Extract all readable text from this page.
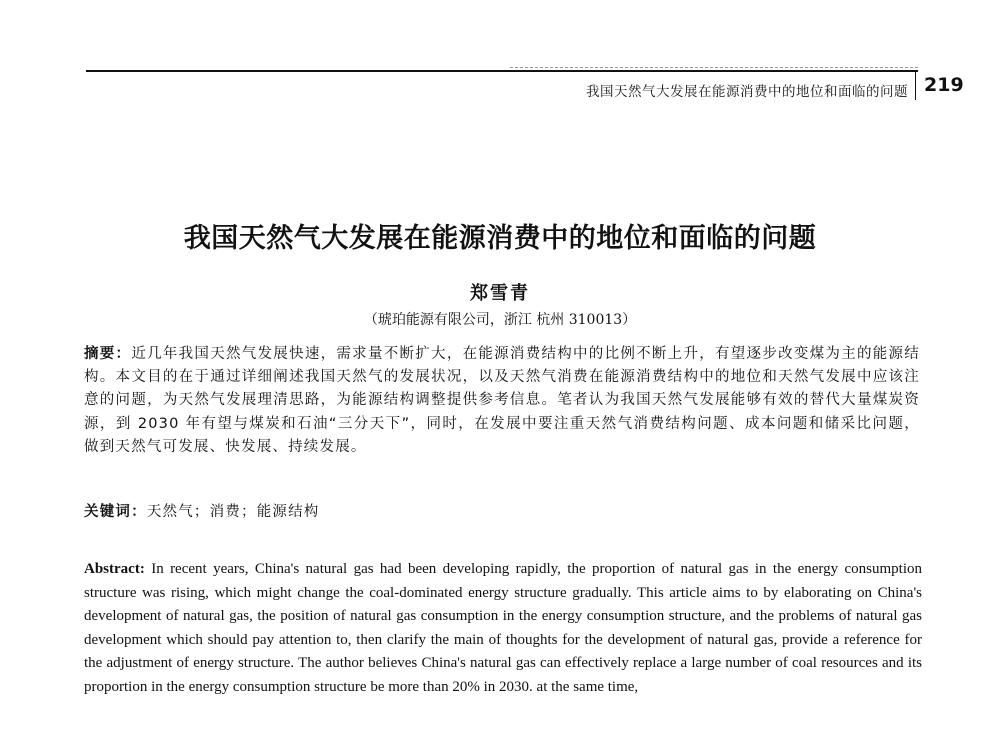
我国天然气大发展在能源消费中的地位和面临的问题 219
我国天然气大发展在能源消费中的地位和面临的问题
郑雪青
（琥珀能源有限公司，浙江 杭州 310013）
摘要：近几年我国天然气发展快速，需求量不断扩大，在能源消费结构中的比例不断上升，有望逐步改变煤为主的能源结构。本文目的在于通过详细阐述我国天然气的发展状况，以及天然气消费在能源消费结构中的地位和天然气发展中应该注意的问题，为天然气发展理清思路，为能源结构调整提供参考信息。笔者认为我国天然气发展能够有效的替代大量煤炭资源，到 2030 年有望与煤炭和石油“三分天下”，同时，在发展中要注重天然气消费结构问题、成本问题和储采比问题，做到天然气可发展、快发展、持续发展。
关键词：天然气；消费；能源结构
Abstract: In recent years, China's natural gas had been developing rapidly, the proportion of natural gas in the energy consumption structure was rising, which might change the coal-dominated energy structure gradually. This article aims to by elaborating on China's development of natural gas, the position of natural gas consumption in the energy consumption structure, and the problems of natural gas development which should pay attention to, then clarify the main of thoughts for the development of natural gas, provide a reference for the adjustment of energy structure. The author believes China's natural gas can effectively replace a large number of coal resources and its proportion in the energy consumption structure be more than 20% in 2030. at the same time,
